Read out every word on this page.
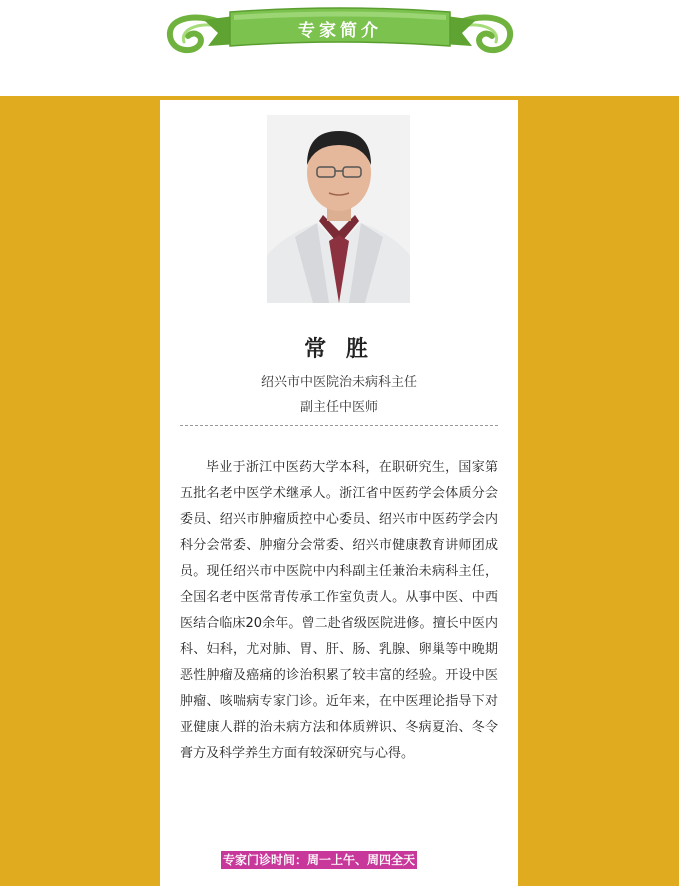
专家简介
常 胜
绍兴市中医院治未病科主任
副主任中医师

毕业于浙江中医药大学本科，在职研究生，国家第五批名老中医学术继承人。浙江省中医药学会体质分会委员、绍兴市肿瘤质控中心委员、绍兴市中医药学会内科分会常委、肿瘤分会常委、绍兴市健康教育讲师团成员。现任绍兴市中医院中内科副主任兼治未病科主任，全国名老中医常青传承工作室负责人。从事中医、中西医结合临床20余年。曾二赴省级医院进修。擅长中医内科、妇科，尤对肺、胃、肝、肠、乳腺、卵巢等中晚期恶性肿瘤及癌痛的诊治积累了较丰富的经验。开设中医肿瘤、咳喘病专家门诊。近年来，在中医理论指导下对亚健康人群的治未病方法和体质辨识、冬病夏治、冬令膏方及科学养生方面有较深研究与心得。

专家门诊时间：周一上午、周四全天
